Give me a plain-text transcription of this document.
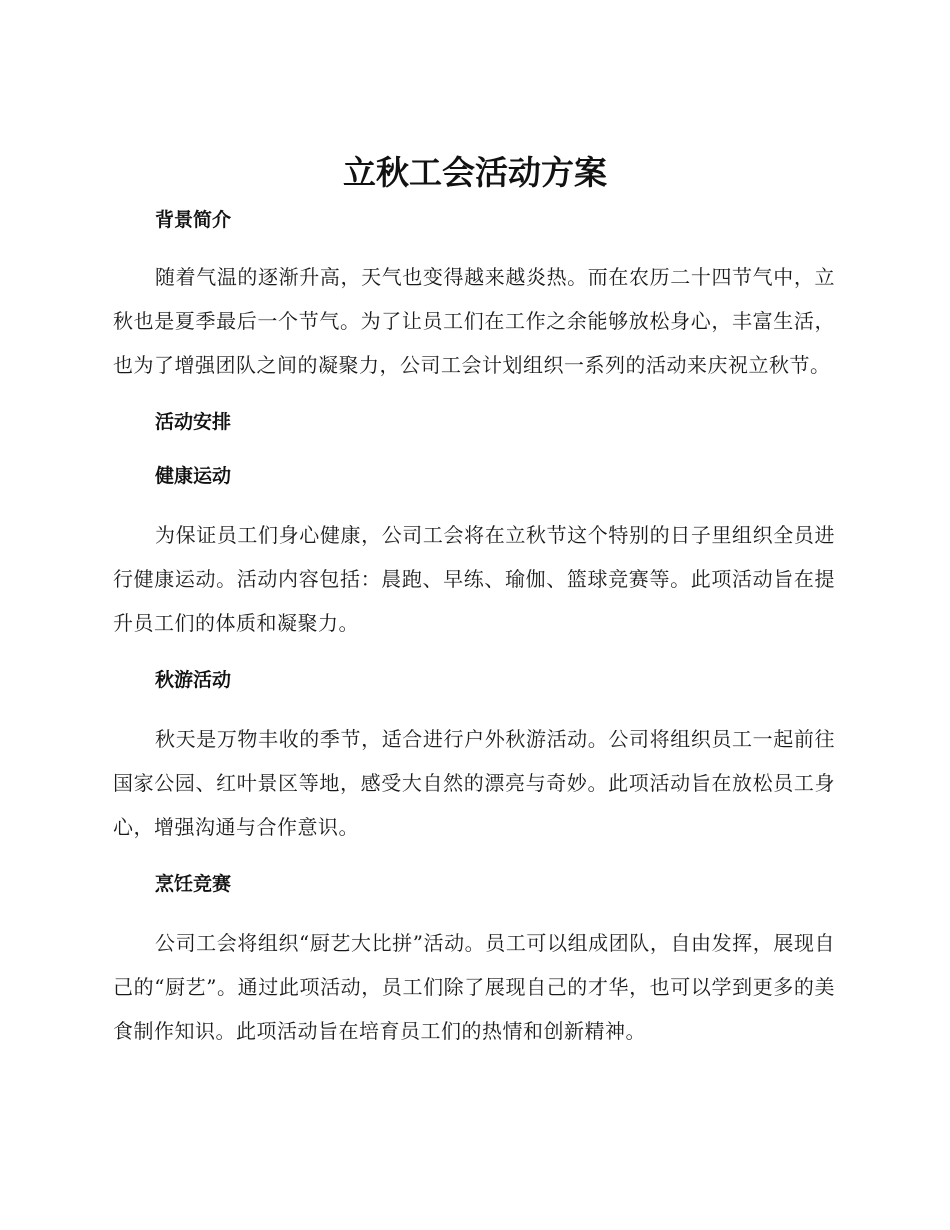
立秋工会活动方案
背景简介

随着气温的逐渐升高，天气也变得越来越炎热。而在农历二十四节气中，立秋也是夏季最后一个节气。为了让员工们在工作之余能够放松身心，丰富生活，也为了增强团队之间的凝聚力，公司工会计划组织一系列的活动来庆祝立秋节。

活动安排
健康运动

为保证员工们身心健康，公司工会将在立秋节这个特别的日子里组织全员进行健康运动。活动内容包括：晨跑、早练、瑜伽、篮球竞赛等。此项活动旨在提升员工们的体质和凝聚力。

秋游活动

秋天是万物丰收的季节，适合进行户外秋游活动。公司将组织员工一起前往国家公园、红叶景区等地，感受大自然的漂亮与奇妙。此项活动旨在放松员工身心，增强沟通与合作意识。

烹饪竞赛

公司工会将组织“厨艺大比拼”活动。员工可以组成团队，自由发挥，展现自己的“厨艺”。通过此项活动，员工们除了展现自己的才华，也可以学到更多的美食制作知识。此项活动旨在培育员工们的热情和创新精神。
